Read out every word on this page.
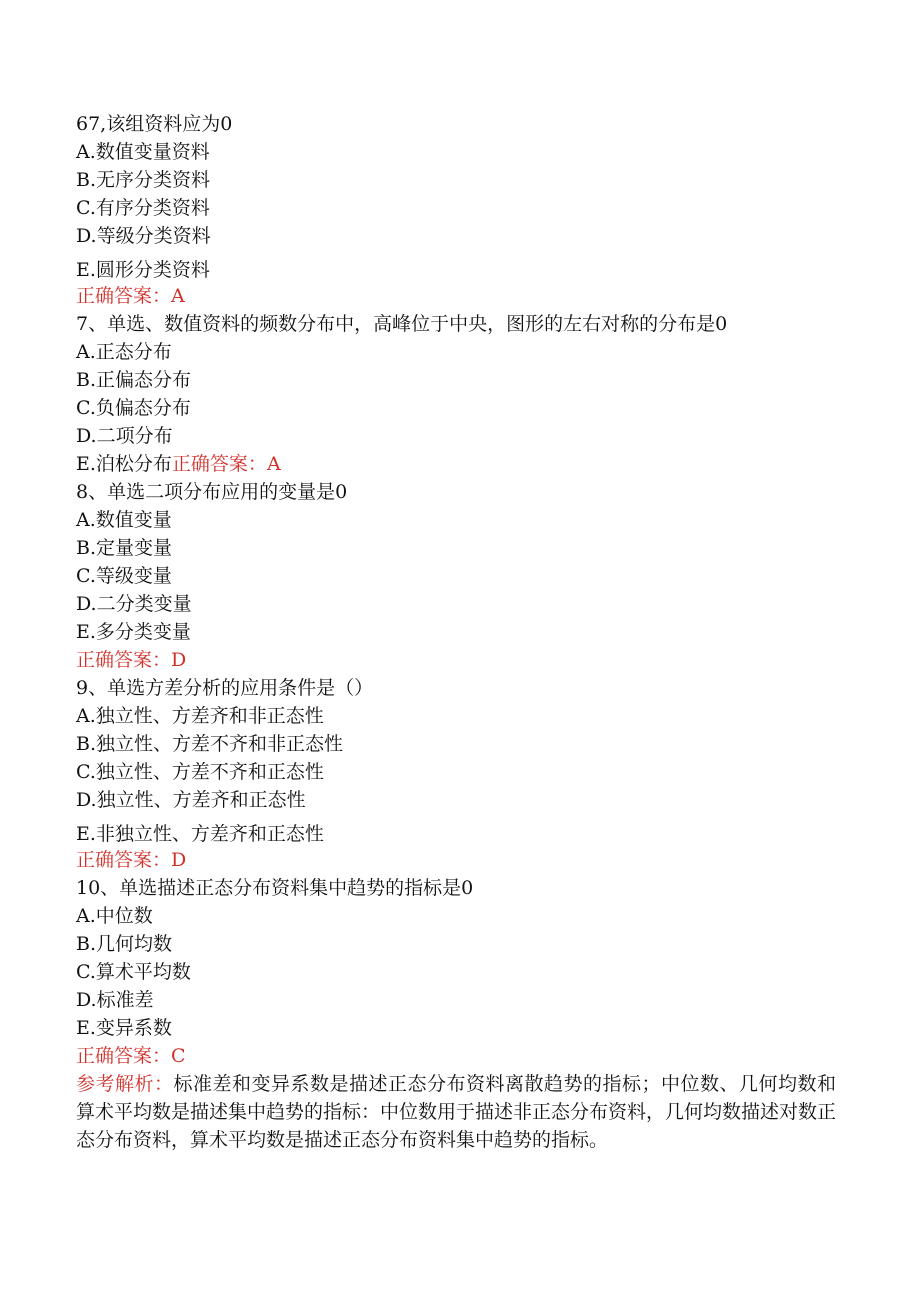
67,该组资料应为0
A.数值变量资料
B.无序分类资料
C.有序分类资料
D.等级分类资料
E.圆形分类资料
正确答案：A
7、单选、数值资料的频数分布中，高峰位于中央，图形的左右对称的分布是0
A.正态分布
B.正偏态分布
C.负偏态分布
D.二项分布
E.泊松分布正确答案：A
8、单选二项分布应用的变量是0
A.数值变量
B.定量变量
C.等级变量
D.二分类变量
E.多分类变量
正确答案：D
9、单选方差分析的应用条件是（）
A.独立性、方差齐和非正态性
B.独立性、方差不齐和非正态性
C.独立性、方差不齐和正态性
D.独立性、方差齐和正态性
E.非独立性、方差齐和正态性
正确答案：D
10、单选描述正态分布资料集中趋势的指标是0
A.中位数
B.几何均数
C.算术平均数
D.标准差
E.变异系数
正确答案：C
参考解析：标准差和变异系数是描述正态分布资料离散趋势的指标；中位数、几何均数和算术平均数是描述集中趋势的指标：中位数用于描述非正态分布资料，几何均数描述对数正态分布资料，算术平均数是描述正态分布资料集中趋势的指标。
